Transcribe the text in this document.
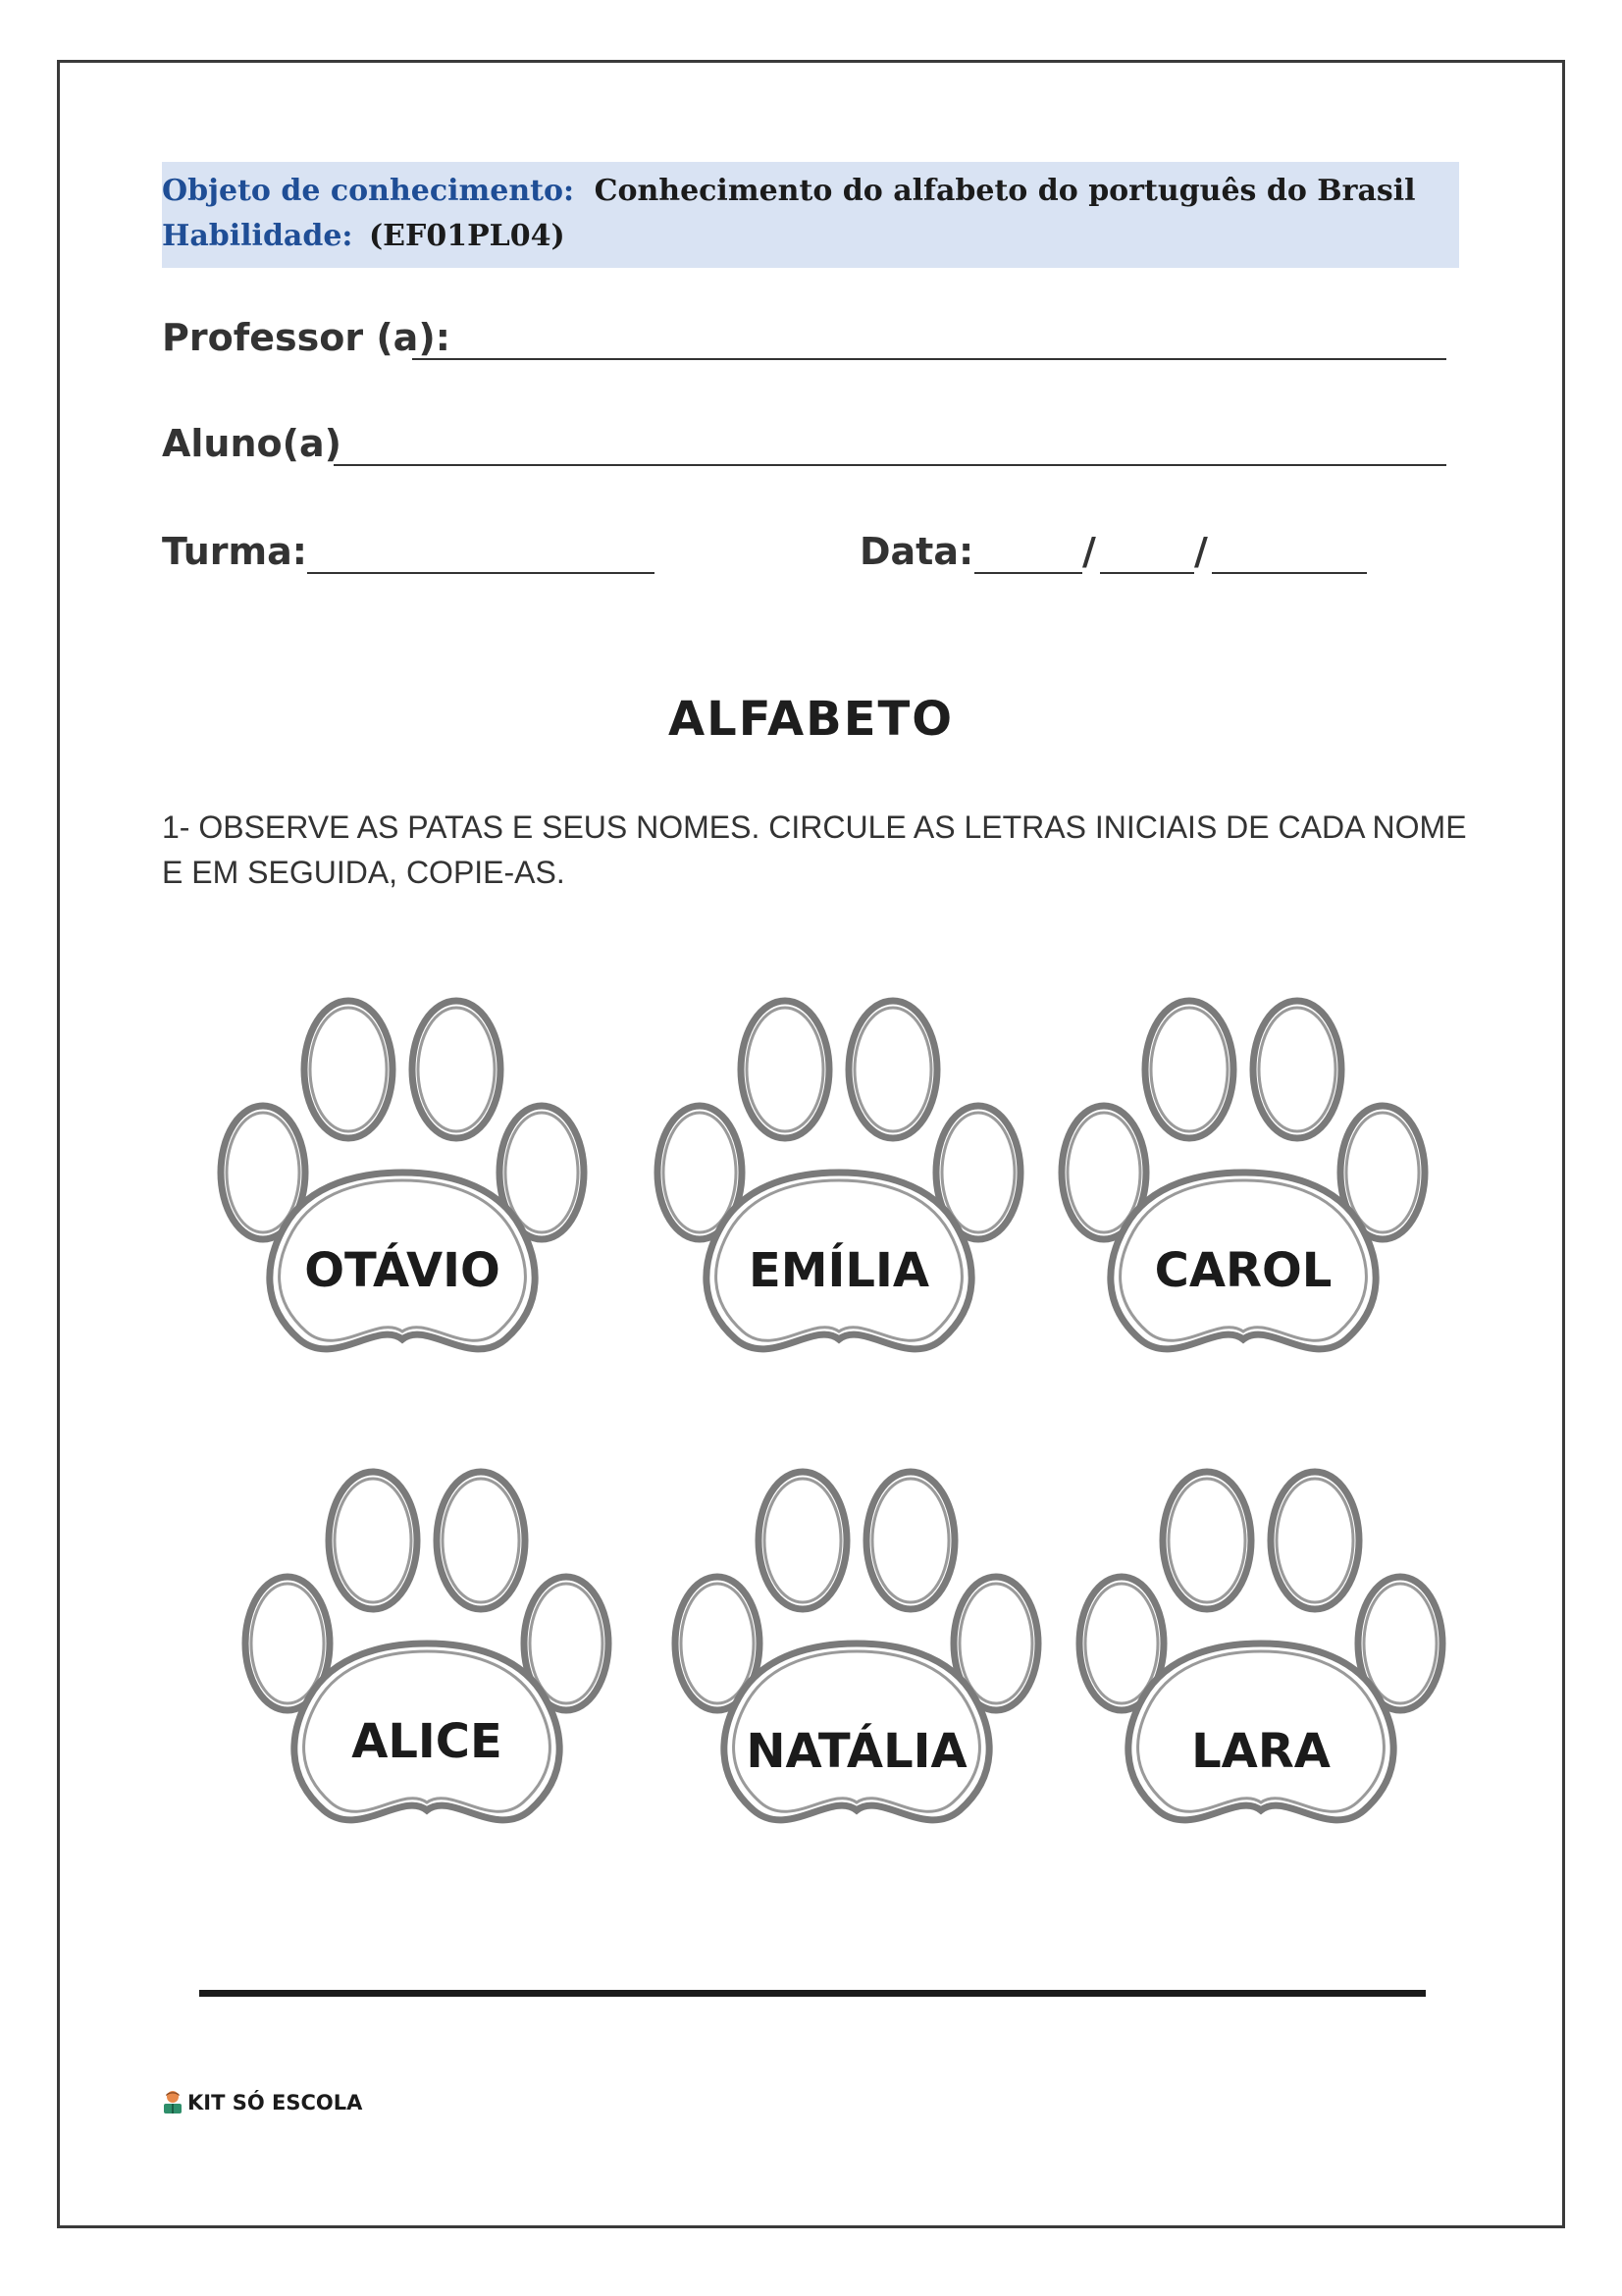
Objeto de conhecimento: Conhecimento do alfabeto do português do Brasil
Habilidade: (EF01PL04)
Professor (a):
Aluno(a)
Turma:	Data:	/	/
ALFABETO
1- OBSERVE AS PATAS E SEUS NOMES. CIRCULE AS LETRAS INICIAIS DE CADA NOME E EM SEGUIDA, COPIE-AS.
OTÁVIO	EMÍLIA	CAROL
ALICE	NATÁLIA	LARA
KIT SÓ ESCOLA
